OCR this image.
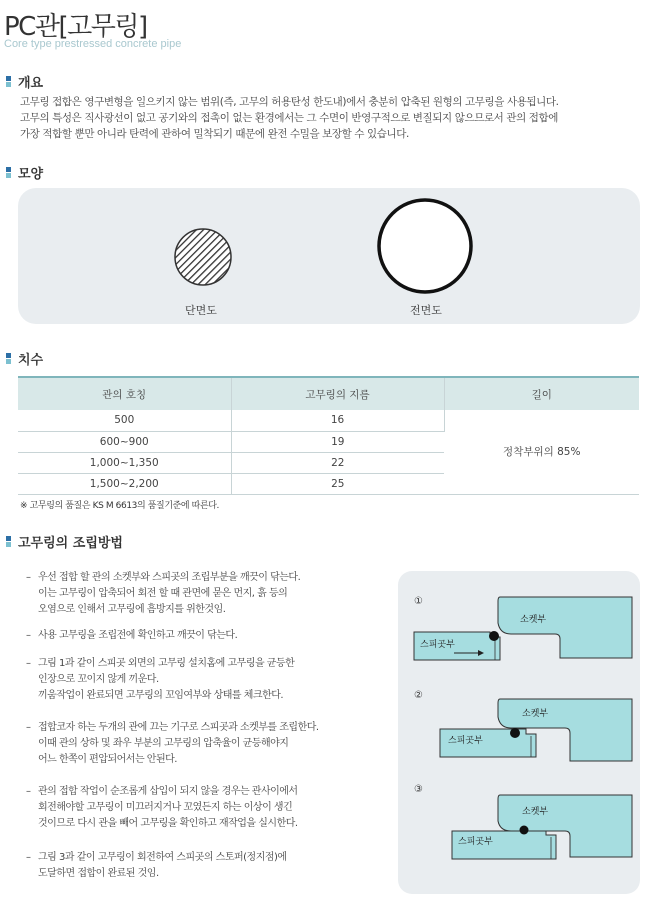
PC관[고무링]
Core type prestressed concrete pipe
개요

고무링 접합은 영구변형을 일으키지 않는 범위(즉, 고무의 허용탄성 한도내)에서 충분히 압축된 원형의 고무링을 사용됩니다.

고무의 특성은 직사광선이 없고 공기와의 접촉이 없는 환경에서는 그 수면이 반영구적으로 변질되지 않으므로서 관의 접합에

가장 적합할 뿐만 아니라 탄력에 관하여 밀착되기 때문에 완전 수밀을 보장할 수 있습니다.

모양
단면도	전면도
치수
관의 호칭	고무링의 지름	길이
500	16	정착부위의 85%
600~900	19	
1,000~1,350	22	
1,500~2,200	25	
※ 고무링의 품질은 KS M 6613의 품질기준에 따른다.
고무링의 조립방법
– 우선 접합 할 관의 소켓부와 스피곳의 조립부분을 깨끗이 닦는다.
이는 고무링이 압축되어 회전 할 때 관면에 묻은 먼지, 흙 등의
오염으로 인해서 고무링에 흠방지를 위한것임.
– 사용 고무링을 조립전에 확인하고 깨끗이 닦는다.
– 그림 1과 같이 스피곳 외면의 고무링 설치홈에 고무링을 균등한
인장으로 꼬이지 않게 끼운다.
끼움작업이 완료되면 고무링의 꼬임여부와 상태를 체크한다.
– 접합코자 하는 두개의 관에 끄는 기구로 스피곳과 소켓부를 조립한다.
이때 관의 상하 및 좌우 부분의 고무링의 압축율이 균등해야지
어느 한쪽이 편압되어서는 안된다.
– 관의 접합 작업이 순조롭게 삽입이 되지 않을 경우는 관사이에서
회전해야할 고무링이 미끄러지거나 꼬였든지 하는 이상이 생긴
것이므로 다시 관을 빼어 고무링을 확인하고 재작업을 실시한다.
– 그림 3과 같이 고무링이 회전하여 스피곳의 스토퍼(정지점)에
도달하면 접합이 완료된 것임.
①
소켓부
스피곳부
②
소켓부
스피곳부
③
소켓부
스피곳부
